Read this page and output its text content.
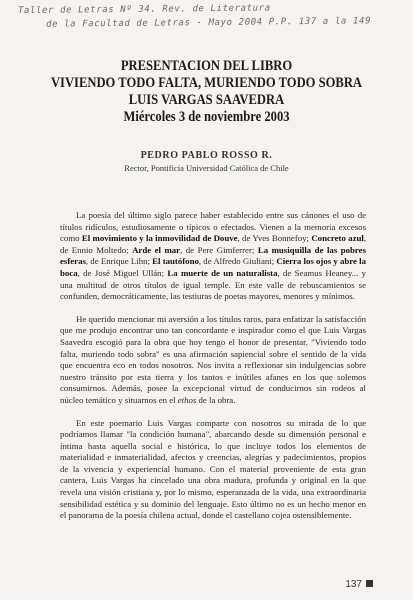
Taller de Letras Nº 34. Rev. de Literatura
de la Facultad de Letras - Mayo 2004 P.P. 137 a la 149
PRESENTACION DEL LIBRO
VIVIENDO TODO FALTA, MURIENDO TODO SOBRA
LUIS VARGAS SAAVEDRA
Miércoles 3 de noviembre 2003
PEDRO PABLO ROSSO R.
Rector, Pontificia Universidad Católica de Chile

La poesía del último siglo parece haber establecido entre sus cánones el uso de títulos ridículos, estudiosamente o típicos o efectados. Vienen a la memoria excesos como El movimiento y la inmovilidad de Douve, de Yves Bonnefoy; Concreto azul, de Ennio Moltedo; Arde el mar, de Pere Gimferrer; La musiquilla de las pobres esferas, de Enrique Lihn; El tautófono, de Alfredo Giuliani; Cierra los ojos y abre la boca, de José Miguel Ullán; La muerte de un naturalista, de Seamus Heaney... y una multitud de otros títulos de igual temple. En este valle de rebuscamientos se confunden, democráticamente, las testiuras de poetas mayores, menores y mínimos.

He querido mencionar mi aversión a los títulos raros, para enfatizar la satisfacción que me produjo encontrar uno tan concordante e inspirador como el que Luis Vargas Saavedra escogió para la obra que hoy tengo el honor de presentar. "Viviendo todo falta, muriendo todo sobra" es una afirmación sapiencial sobre el sentido de la vida que encuentra eco en todos nosotros. Nos invita a reflexionar sin indulgencias sobre nuestro tránsito por esta tierra y los tantos e inútiles afanes en los que solemos consumirnos. Además, posee la excepcional virtud de conducirnos sin rodeos al núcleo temático y situarnos en el ethos de la obra.

En este poemario Luis Vargas comparte con nosotros su mirada de lo que podríamos llamar "la condición humana", abarcando desde su dimensión personal e íntima hasta aquella social e histórica, lo que incluye todos los elementos de materialidad e inmaterialidad, afectos y creencias, alegrías y padecimientos, propios de la vivencia y experiencial humano. Con el material proveniente de esta gran cantera, Luis Vargas ha cincelado una obra madura, profunda y original en la que revela una visión cristiana y, por lo mismo, esperanzada de la vida, una extraordinaria sensibilidad estética y su dominio del lenguaje. Esto último no es un hecho menor en el panorama de la poesía chilena actual, donde el castellano cojea ostensiblemente.

137
